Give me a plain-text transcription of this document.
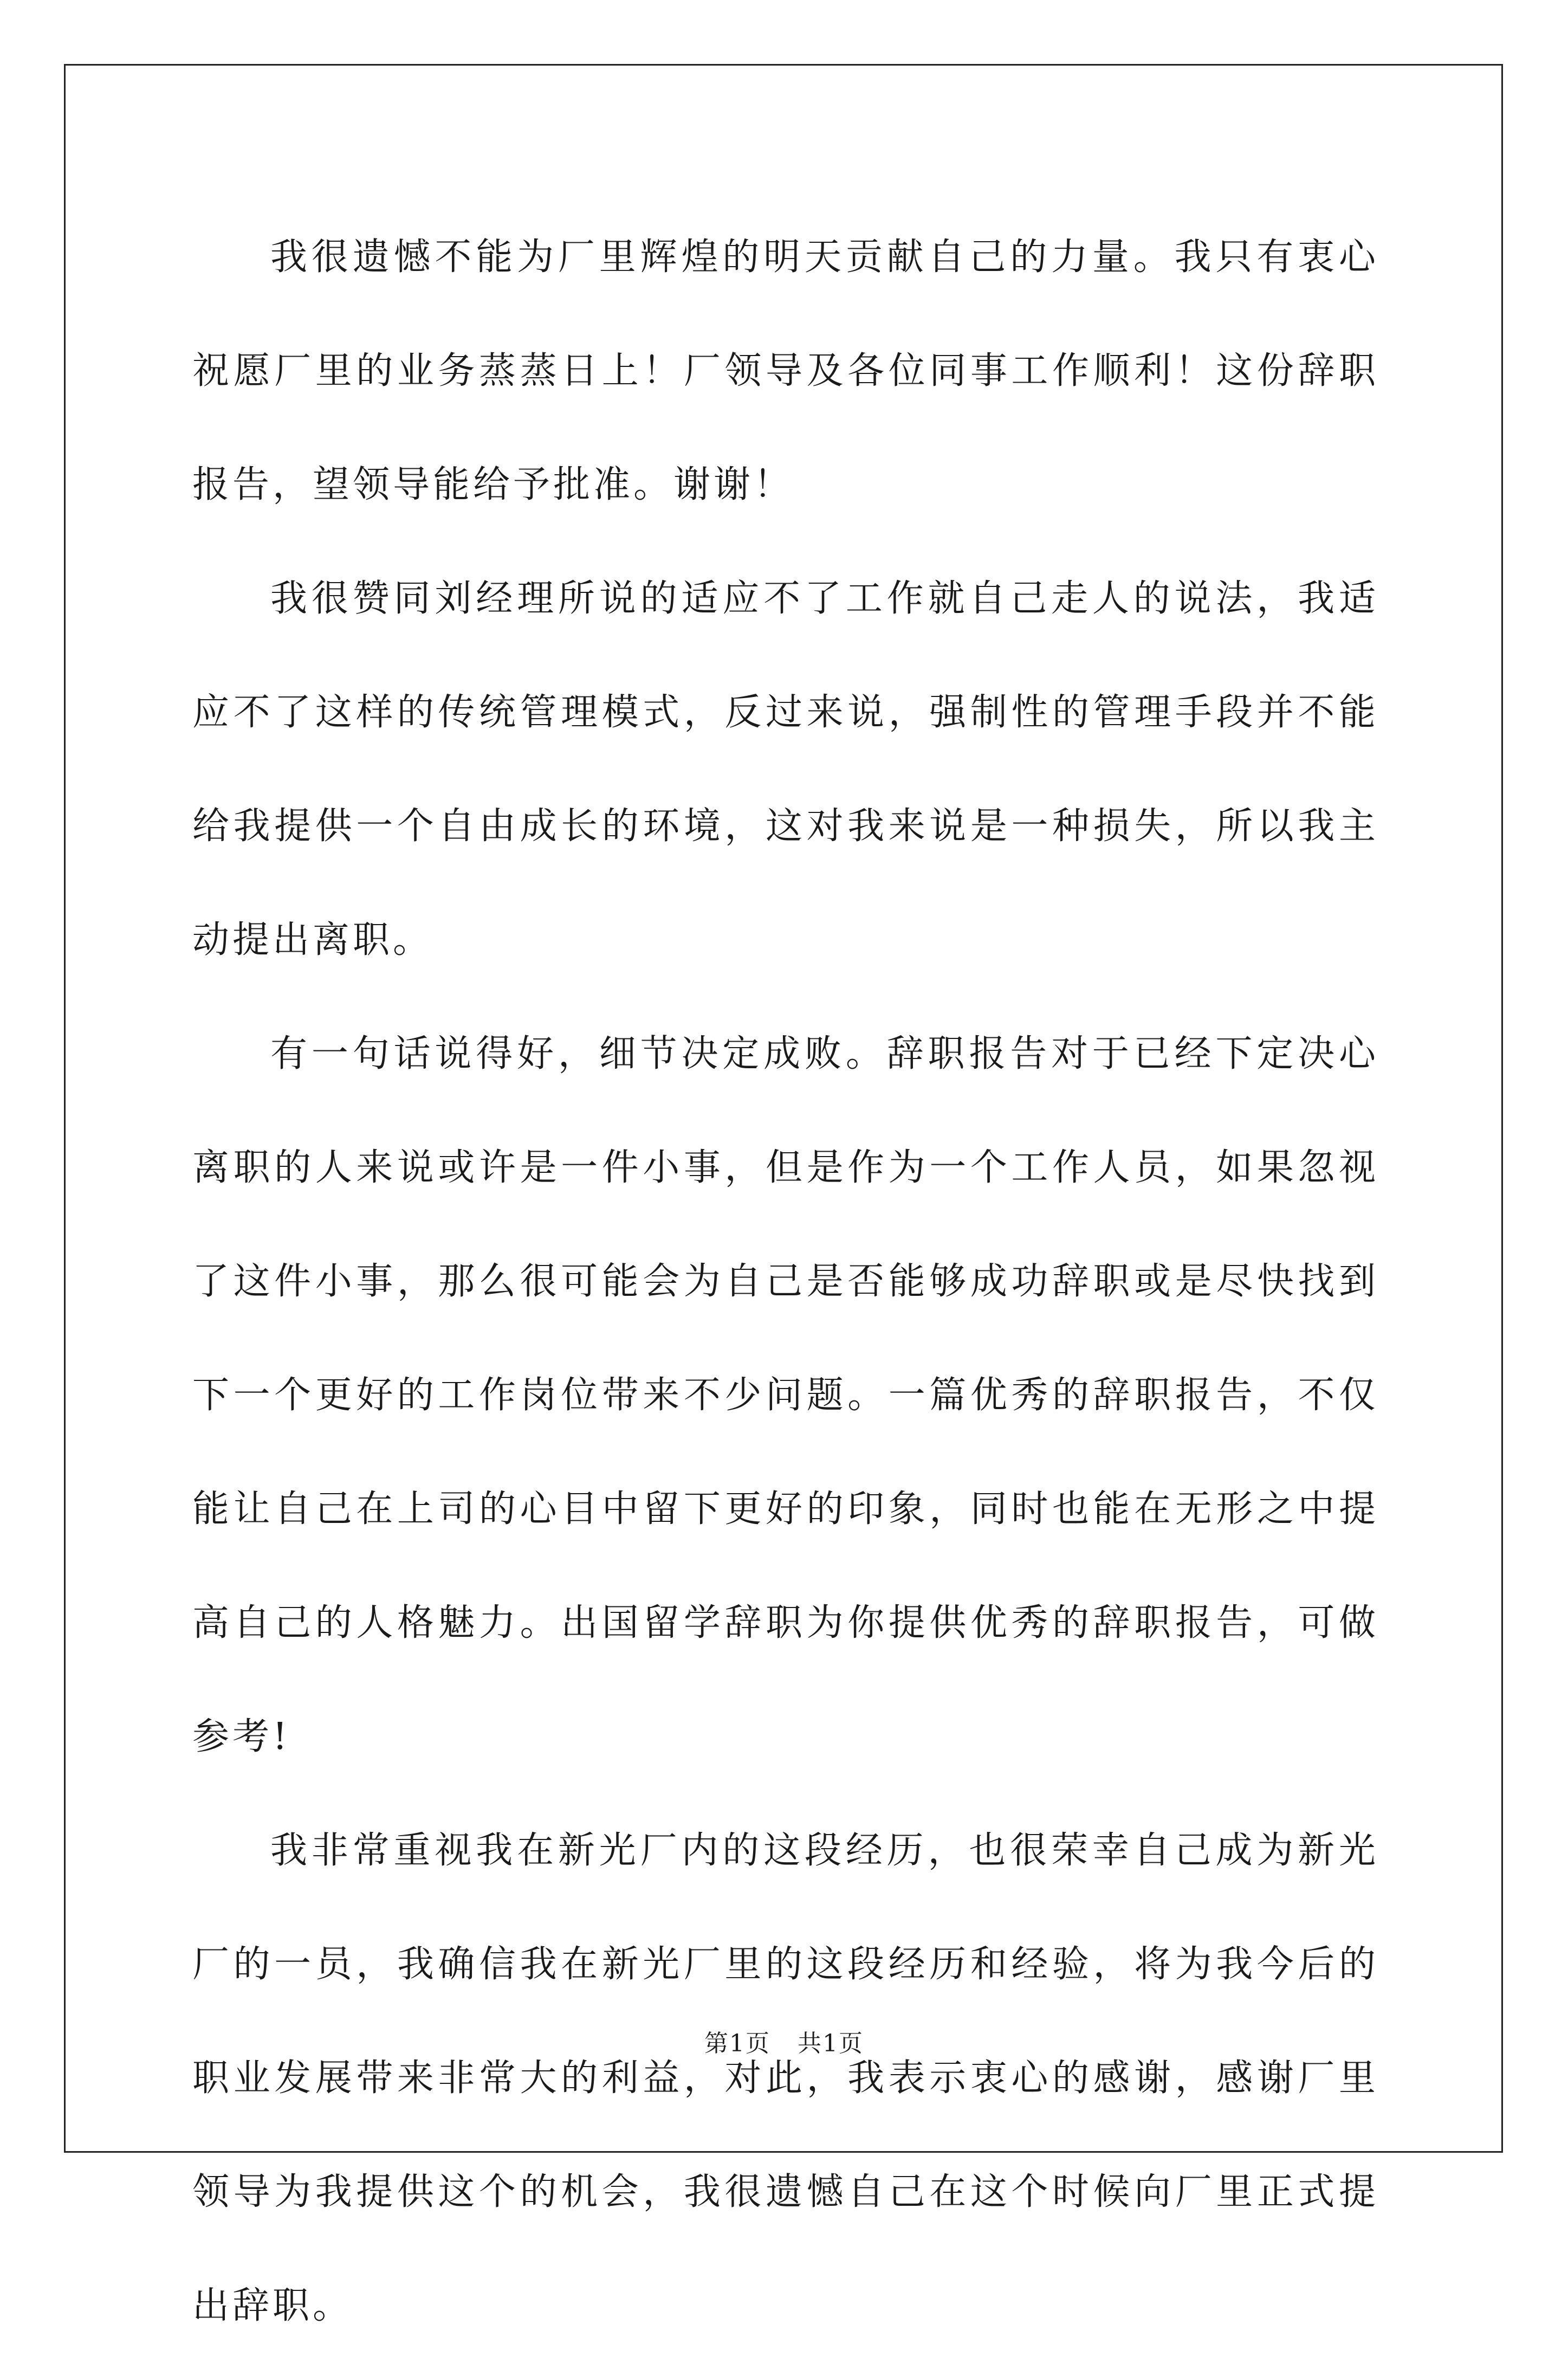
我很遗憾不能为厂里辉煌的明天贡献自己的力量。我只有衷心祝愿厂里的业务蒸蒸日上！厂领导及各位同事工作顺利！这份辞职报告，望领导能给予批准。谢谢！

我很赞同刘经理所说的适应不了工作就自己走人的说法，我适应不了这样的传统管理模式，反过来说，强制性的管理手段并不能给我提供一个自由成长的环境，这对我来说是一种损失，所以我主动提出离职。

有一句话说得好，细节决定成败。辞职报告对于已经下定决心离职的人来说或许是一件小事，但是作为一个工作人员，如果忽视了这件小事，那么很可能会为自己是否能够成功辞职或是尽快找到下一个更好的工作岗位带来不少问题。一篇优秀的辞职报告，不仅能让自己在上司的心目中留下更好的印象，同时也能在无形之中提高自己的人格魅力。出国留学辞职为你提供优秀的辞职报告，可做参考!

我非常重视我在新光厂内的这段经历，也很荣幸自己成为新光厂的一员，我确信我在新光厂里的这段经历和经验，将为我今后的职业发展带来非常大的利益，对此，我表示衷心的感谢，感谢厂里领导为我提供这个的机会，我很遗憾自己在这个时候向厂里正式提出辞职。

第1页 共1页
